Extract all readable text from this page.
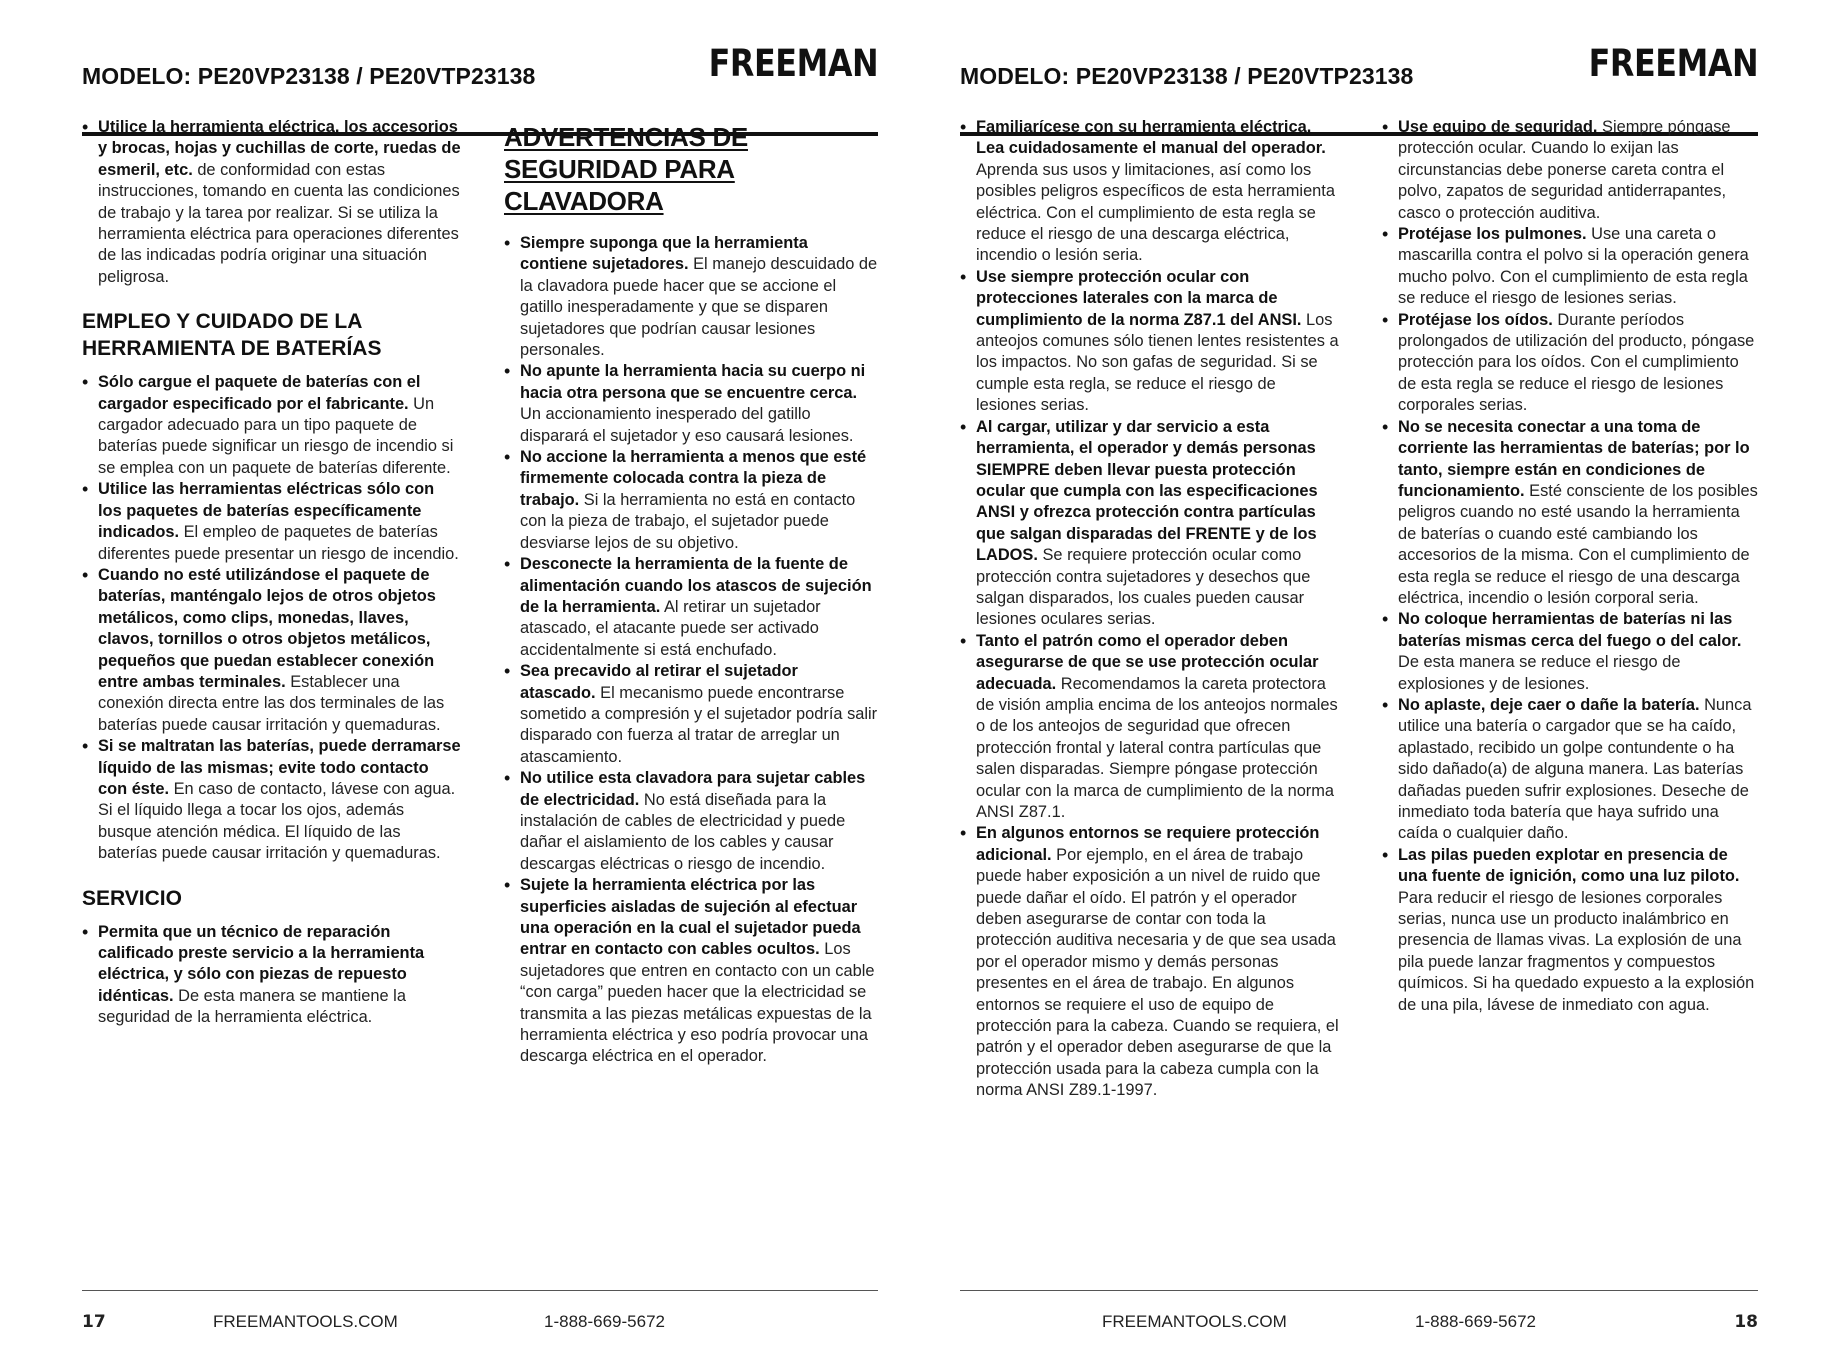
MODELO: PE20VP23138 / PE20VTP23138	FREEMAN
• Utilice la herramienta eléctrica, los accesorios y brocas, hojas y cuchillas de corte, ruedas de esmeril, etc. de conformidad con estas instrucciones, tomando en cuenta las condiciones de trabajo y la tarea por realizar. Si se utiliza la herramienta eléctrica para operaciones diferentes de las indicadas podría originar una situación peligrosa.
EMPLEO Y CUIDADO DE LA HERRAMIENTA DE BATERÍAS
• Sólo cargue el paquete de baterías con el cargador especificado por el fabricante. Un cargador adecuado para un tipo paquete de baterías puede significar un riesgo de incendio si se emplea con un paquete de baterías diferente.
• Utilice las herramientas eléctricas sólo con los paquetes de baterías específicamente indicados. El empleo de paquetes de baterías diferentes puede presentar un riesgo de incendio.
• Cuando no esté utilizándose el paquete de baterías, manténgalo lejos de otros objetos metálicos, como clips, monedas, llaves, clavos, tornillos o otros objetos metálicos, pequeños que puedan establecer conexión entre ambas terminales. Establecer una conexión directa entre las dos terminales de las baterías puede causar irritación y quemaduras.
• Si se maltratan las baterías, puede derramarse líquido de las mismas; evite todo contacto con éste. En caso de contacto, lávese con agua. Si el líquido llega a tocar los ojos, además busque atención médica. El líquido de las baterías puede causar irritación y quemaduras.
SERVICIO
• Permita que un técnico de reparación calificado preste servicio a la herramienta eléctrica, y sólo con piezas de repuesto idénticas. De esta manera se mantiene la seguridad de la herramienta eléctrica.
ADVERTENCIAS DE SEGURIDAD PARA CLAVADORA
• Siempre suponga que la herramienta contiene sujetadores. El manejo descuidado de la clavadora puede hacer que se accione el gatillo inesperadamente y que se disparen sujetadores que podrían causar lesiones personales.
• No apunte la herramienta hacia su cuerpo ni hacia otra persona que se encuentre cerca. Un accionamiento inesperado del gatillo disparará el sujetador y eso causará lesiones.
• No accione la herramienta a menos que esté firmemente colocada contra la pieza de trabajo. Si la herramienta no está en contacto con la pieza de trabajo, el sujetador puede desviarse lejos de su objetivo.
• Desconecte la herramienta de la fuente de alimentación cuando los atascos de sujeción de la herramienta. Al retirar un sujetador atascado, el atacante puede ser activado accidentalmente si está enchufado.
• Sea precavido al retirar el sujetador atascado. El mecanismo puede encontrarse sometido a compresión y el sujetador podría salir disparado con fuerza al tratar de arreglar un atascamiento.
• No utilice esta clavadora para sujetar cables de electricidad. No está diseñada para la instalación de cables de electricidad y puede dañar el aislamiento de los cables y causar descargas eléctricas o riesgo de incendio.
• Sujete la herramienta eléctrica por las superficies aisladas de sujeción al efectuar una operación en la cual el sujetador pueda entrar en contacto con cables ocultos. Los sujetadores que entren en contacto con un cable “con carga” pueden hacer que la electricidad se transmita a las piezas metálicas expuestas de la herramienta eléctrica y eso podría provocar una descarga eléctrica en el operador.
17	FREEMANTOOLS.COM	1-888-669-5672
MODELO: PE20VP23138 / PE20VTP23138	FREEMAN
• Familiarícese con su herramienta eléctrica. Lea cuidadosamente el manual del operador. Aprenda sus usos y limitaciones, así como los posibles peligros específicos de esta herramienta eléctrica. Con el cumplimiento de esta regla se reduce el riesgo de una descarga eléctrica, incendio o lesión seria.
• Use siempre protección ocular con protecciones laterales con la marca de cumplimiento de la norma Z87.1 del ANSI. Los anteojos comunes sólo tienen lentes resistentes a los impactos. No son gafas de seguridad. Si se cumple esta regla, se reduce el riesgo de lesiones serias.
• Al cargar, utilizar y dar servicio a esta herramienta, el operador y demás personas SIEMPRE deben llevar puesta protección ocular que cumpla con las especificaciones ANSI y ofrezca protección contra partículas que salgan disparadas del FRENTE y de los LADOS. Se requiere protección ocular como protección contra sujetadores y desechos que salgan disparados, los cuales pueden causar lesiones oculares serias.
• Tanto el patrón como el operador deben asegurarse de que se use protección ocular adecuada. Recomendamos la careta protectora de visión amplia encima de los anteojos normales o de los anteojos de seguridad que ofrecen protección frontal y lateral contra partículas que salen disparadas. Siempre póngase protección ocular con la marca de cumplimiento de la norma ANSI Z87.1.
• En algunos entornos se requiere protección adicional. Por ejemplo, en el área de trabajo puede haber exposición a un nivel de ruido que puede dañar el oído. El patrón y el operador deben asegurarse de contar con toda la protección auditiva necesaria y de que sea usada por el operador mismo y demás personas presentes en el área de trabajo. En algunos entornos se requiere el uso de equipo de protección para la cabeza. Cuando se requiera, el patrón y el operador deben asegurarse de que la protección usada para la cabeza cumpla con la norma ANSI Z89.1-1997.
• Use equipo de seguridad. Siempre póngase protección ocular. Cuando lo exijan las circunstancias debe ponerse careta contra el polvo, zapatos de seguridad antiderrapantes, casco o protección auditiva.
• Protéjase los pulmones. Use una careta o mascarilla contra el polvo si la operación genera mucho polvo. Con el cumplimiento de esta regla se reduce el riesgo de lesiones serias.
• Protéjase los oídos. Durante períodos prolongados de utilización del producto, póngase protección para los oídos. Con el cumplimiento de esta regla se reduce el riesgo de lesiones corporales serias.
• No se necesita conectar a una toma de corriente las herramientas de baterías; por lo tanto, siempre están en condiciones de funcionamiento. Esté consciente de los posibles peligros cuando no esté usando la herramienta de baterías o cuando esté cambiando los accesorios de la misma. Con el cumplimiento de esta regla se reduce el riesgo de una descarga eléctrica, incendio o lesión corporal seria.
• No coloque herramientas de baterías ni las baterías mismas cerca del fuego o del calor. De esta manera se reduce el riesgo de explosiones y de lesiones.
• No aplaste, deje caer o dañe la batería. Nunca utilice una batería o cargador que se ha caído, aplastado, recibido un golpe contundente o ha sido dañado(a) de alguna manera. Las baterías dañadas pueden sufrir explosiones. Deseche de inmediato toda batería que haya sufrido una caída o cualquier daño.
• Las pilas pueden explotar en presencia de una fuente de ignición, como una luz piloto. Para reducir el riesgo de lesiones corporales serias, nunca use un producto inalámbrico en presencia de llamas vivas. La explosión de una pila puede lanzar fragmentos y compuestos químicos. Si ha quedado expuesto a la explosión de una pila, lávese de inmediato con agua.
FREEMANTOOLS.COM	1-888-669-5672	18
